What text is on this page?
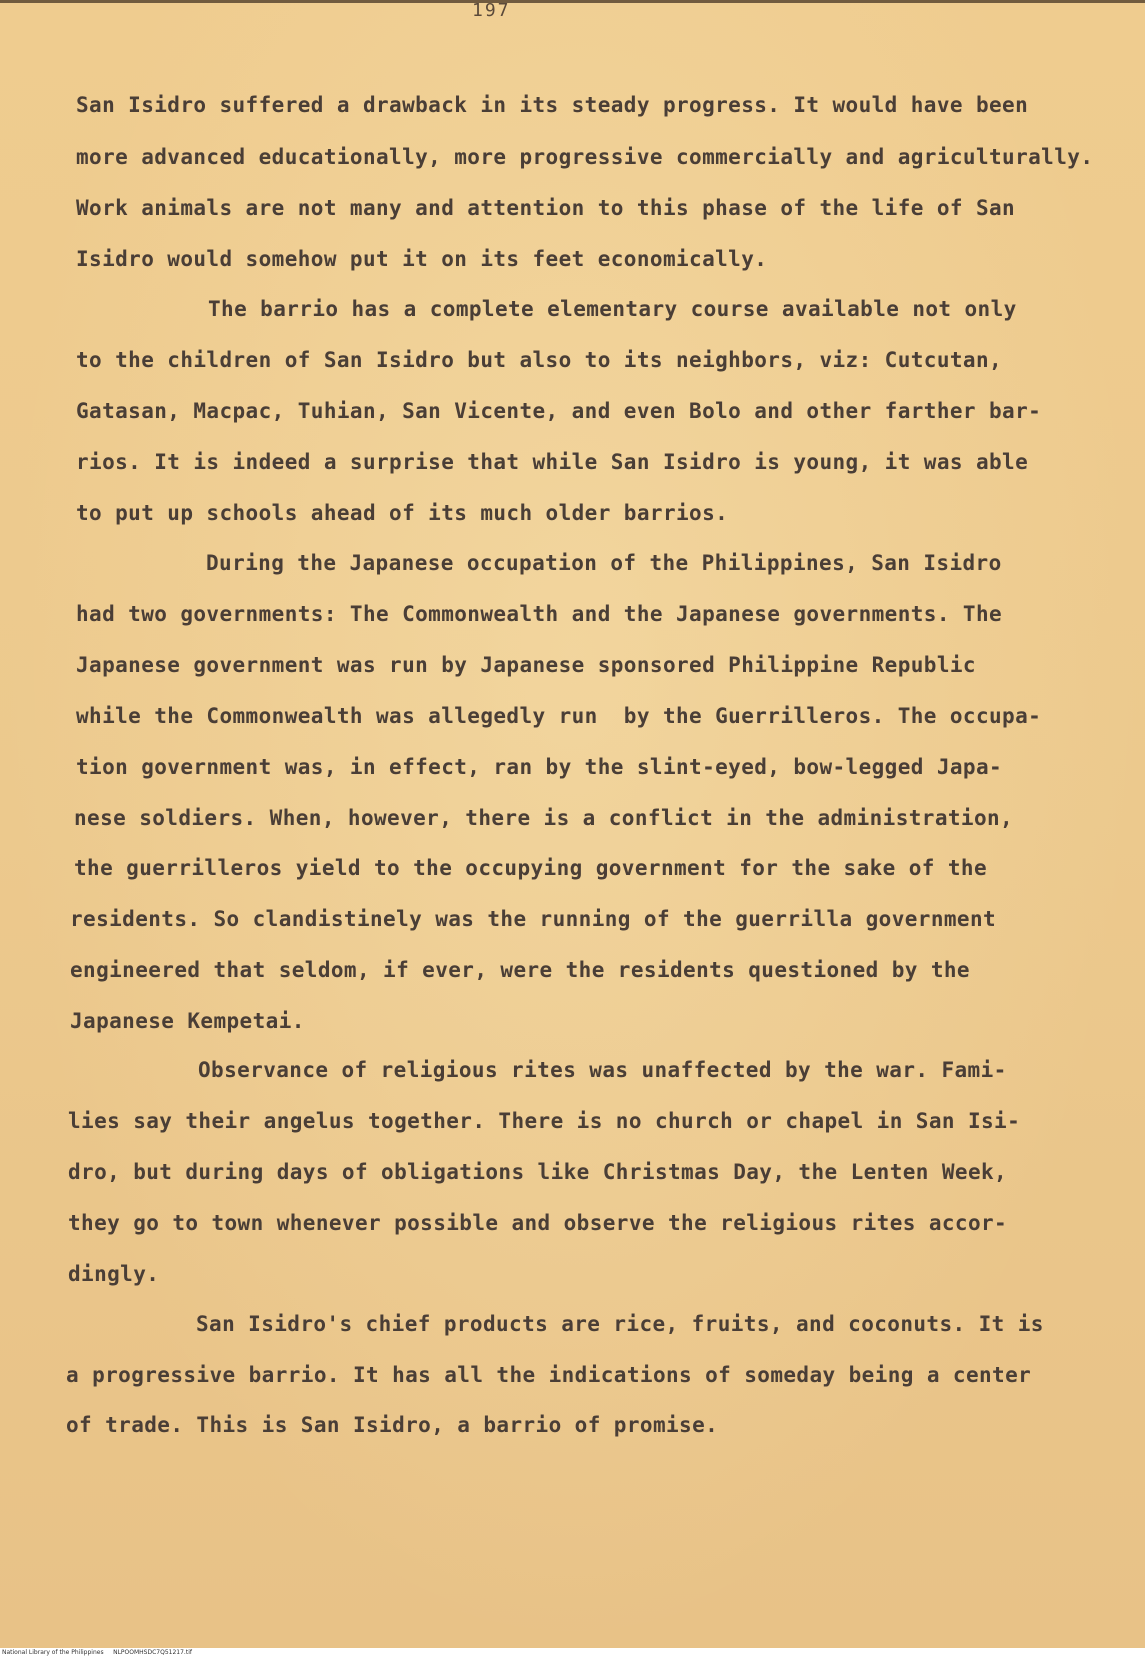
197
San Isidro suffered a drawback in its steady progress. It would have been
more advanced educationally, more progressive commercially and agriculturally.
Work animals are not many and attention to this phase of the life of San
Isidro would somehow put it on its feet economically.
The barrio has a complete elementary course available not only
to the children of San Isidro but also to its neighbors, viz: Cutcutan,
Gatasan, Macpac, Tuhian, San Vicente, and even Bolo and other farther bar-
rios. It is indeed a surprise that while San Isidro is young, it was able
to put up schools ahead of its much older barrios.
During the Japanese occupation of the Philippines, San Isidro
had two governments: The Commonwealth and the Japanese governments. The
Japanese government was run by Japanese sponsored Philippine Republic
while the Commonwealth was allegedly run  by the Guerrilleros. The occupa-
tion government was, in effect, ran by the slint-eyed, bow-legged Japa-
nese soldiers. When, however, there is a conflict in the administration,
the guerrilleros yield to the occupying government for the sake of the
residents. So clandistinely was the running of the guerrilla government
engineered that seldom, if ever, were the residents questioned by the
Japanese Kempetai.
Observance of religious rites was unaffected by the war. Fami-
lies say their angelus together. There is no church or chapel in San Isi-
dro, but during days of obligations like Christmas Day, the Lenten Week,
they go to town whenever possible and observe the religious rites accor-
dingly.
San Isidro's chief products are rice, fruits, and coconuts. It is
a progressive barrio. It has all the indications of someday being a center
of trade. This is San Isidro, a barrio of promise.
National Library of the Philippines     NLPOOMHSDC7Q51217.tif
